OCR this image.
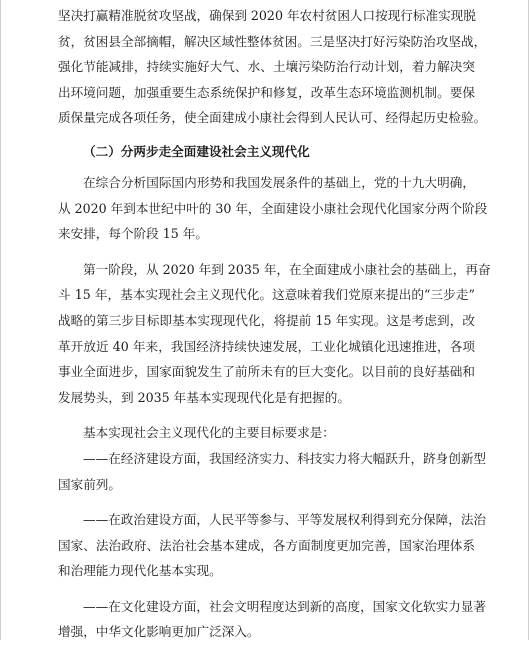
坚决打赢精准脱贫攻坚战，确保到 2020 年农村贫困人口按现行标准实现脱
贫，贫困县全部摘帽，解决区域性整体贫困。三是坚决打好污染防治攻坚战，
强化节能减排，持续实施好大气、水、土壤污染防治行动计划，着力解决突
出环境问题，加强重要生态系统保护和修复，改革生态环境监测机制。要保
质保量完成各项任务，使全面建成小康社会得到人民认可、经得起历史检验。
（二）分两步走全面建设社会主义现代化
在综合分析国际国内形势和我国发展条件的基础上，党的十九大明确，
从 2020 年到本世纪中叶的 30 年，全面建设小康社会现代化国家分两个阶段
来安排，每个阶段 15 年。
第一阶段，从 2020 年到 2035 年，在全面建成小康社会的基础上，再奋
斗 15 年，基本实现社会主义现代化。这意味着我们党原来提出的“三步走”
战略的第三步目标即基本实现现代化，将提前 15 年实现。这是考虑到，改
革开放近 40 年来，我国经济持续快速发展，工业化城镇化迅速推进，各项
事业全面进步，国家面貌发生了前所未有的巨大变化。以目前的良好基础和
发展势头，到 2035 年基本实现现代化是有把握的。
基本实现社会主义现代化的主要目标要求是：
——在经济建设方面，我国经济实力、科技实力将大幅跃升，跻身创新型
国家前列。
——在政治建设方面，人民平等参与、平等发展权利得到充分保障，法治
国家、法治政府、法治社会基本建成，各方面制度更加完善，国家治理体系
和治理能力现代化基本实现。
——在文化建设方面，社会文明程度达到新的高度，国家文化软实力显著
增强，中华文化影响更加广泛深入。
